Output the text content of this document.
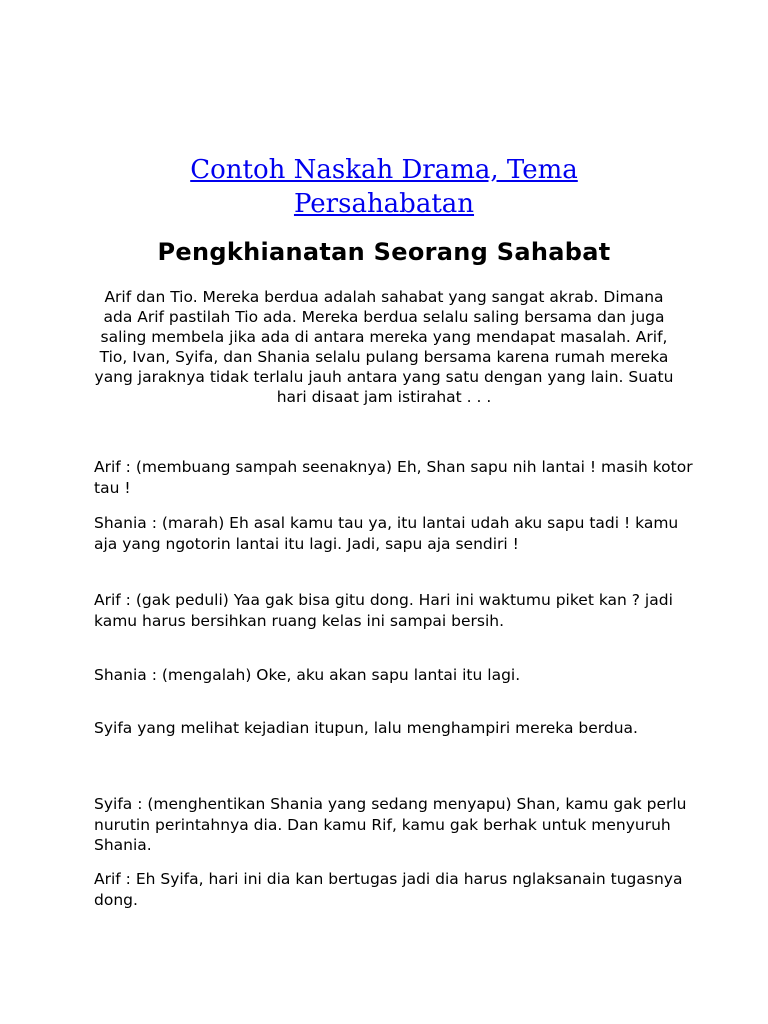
Contoh Naskah Drama, Tema Persahabatan
Pengkhianatan Seorang Sahabat
Arif dan Tio. Mereka berdua adalah sahabat yang sangat akrab. Dimana ada Arif pastilah Tio ada. Mereka berdua selalu saling bersama dan juga saling membela jika ada di antara mereka yang mendapat masalah. Arif, Tio, Ivan, Syifa, dan Shania selalu pulang bersama karena rumah mereka yang jaraknya tidak terlalu jauh antara yang satu dengan yang lain. Suatu hari disaat jam istirahat . . .

Arif : (membuang sampah seenaknya) Eh, Shan sapu nih lantai ! masih kotor tau !

Shania : (marah) Eh asal kamu tau ya, itu lantai udah aku sapu tadi ! kamu aja yang ngotorin lantai itu lagi. Jadi, sapu aja sendiri !

Arif : (gak peduli) Yaa gak bisa gitu dong. Hari ini waktumu piket kan ? jadi kamu harus bersihkan ruang kelas ini sampai bersih.

Shania : (mengalah) Oke, aku akan sapu lantai itu lagi.

Syifa yang melihat kejadian itupun, lalu menghampiri mereka berdua.

Syifa : (menghentikan Shania yang sedang menyapu) Shan, kamu gak perlu nurutin perintahnya dia. Dan kamu Rif, kamu gak berhak untuk menyuruh Shania.

Arif : Eh Syifa, hari ini dia kan bertugas jadi dia harus nglaksanain tugasnya dong.
